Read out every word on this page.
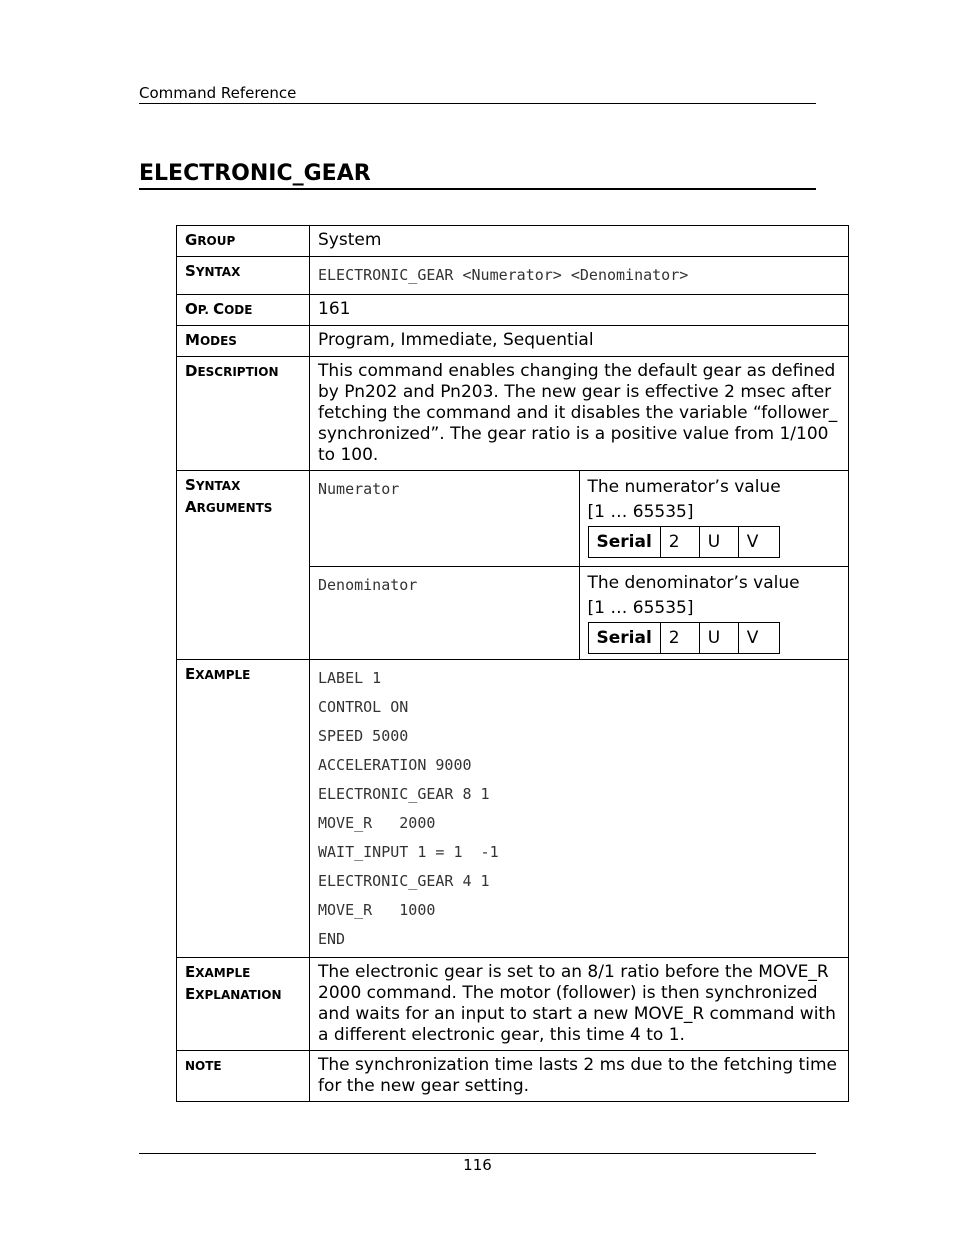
Command Reference
ELECTRONIC_GEAR
GROUP	System
SYNTAX	ELECTRONIC_GEAR <Numerator> <Denominator>
OP. CODE	161
MODES	Program, Immediate, Sequential
DESCRIPTION	This command enables changing the default gear as defined by Pn202 and Pn203. The new gear is effective 2 msec after fetching the command and it disables the variable “follower_ synchronized”. The gear ratio is a positive value from 1/100 to 100.
SYNTAX
ARGUMENTS	Numerator	The numerator’s value
[1 … 65535]
Serial	2	U	V

Denominator	The denominator’s value
[1 … 65535]
Serial	2	U	V

EXAMPLE	LABEL 1
CONTROL ON
SPEED 5000
ACCELERATION 9000
ELECTRONIC_GEAR 8 1
MOVE_R   2000
WAIT_INPUT 1 = 1  -1
ELECTRONIC_GEAR 4 1
MOVE_R   1000
END

EXAMPLE
EXPLANATION	The electronic gear is set to an 8/1 ratio before the MOVE_R 2000 command. The motor (follower) is then synchronized and waits for an input to start a new MOVE_R command with a different electronic gear, this time 4 to 1.
NOTE	The synchronization time lasts 2 ms due to the fetching time for the new gear setting.
116
